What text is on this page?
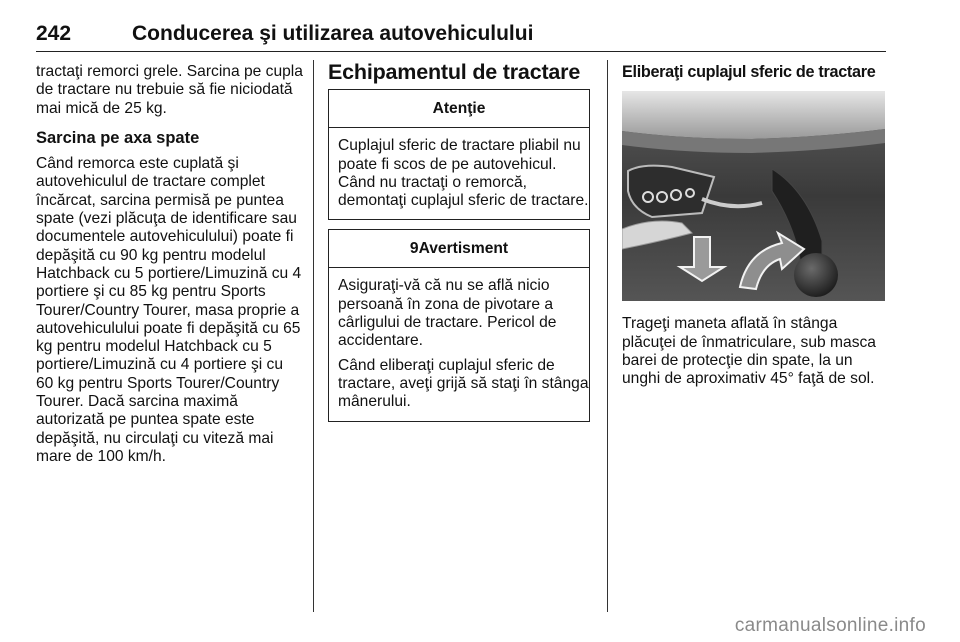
242	Conducerea şi utilizarea autovehiculului

tractaţi remorci grele. Sarcina pe cupla de tractare nu trebuie să fie niciodată mai mică de 25 kg.

Sarcina pe axa spate

Când remorca este cuplată şi autovehiculul de tractare complet încărcat, sarcina permisă pe puntea spate (vezi plăcuţa de identificare sau documentele autovehiculului) poate fi depăşită cu 90 kg pentru modelul Hatchback cu 5 portiere/Limuzină cu 4 portiere şi cu 85 kg pentru Sports Tourer/Country Tourer, masa proprie a autovehiculului poate fi depăşită cu 65 kg pentru modelul Hatchback cu 5 portiere/Limuzină cu 4 portiere şi cu 60 kg pentru Sports Tourer/Country Tourer. Dacă sarcina maximă autorizată pe puntea spate este depăşită, nu circulaţi cu viteză mai mare de 100 km/h.

Echipamentul de tractare
Atenţie

Cuplajul sferic de tractare pliabil nu poate fi scos de pe autovehicul. Când nu tractaţi o remorcă, demontaţi cuplajul sferic de tractare.

9Avertisment

Asiguraţi-vă că nu se află nicio persoană în zona de pivotare a cârligului de tractare. Pericol de accidentare.

Când eliberaţi cuplajul sferic de tractare, aveţi grijă să staţi în stânga mânerului.

Eliberaţi cuplajul sferic de tractare

Trageţi maneta aflată în stânga plăcuţei de înmatriculare, sub masca barei de protecţie din spate, la un unghi de aproximativ 45° faţă de sol.

carmanualsonline.info
